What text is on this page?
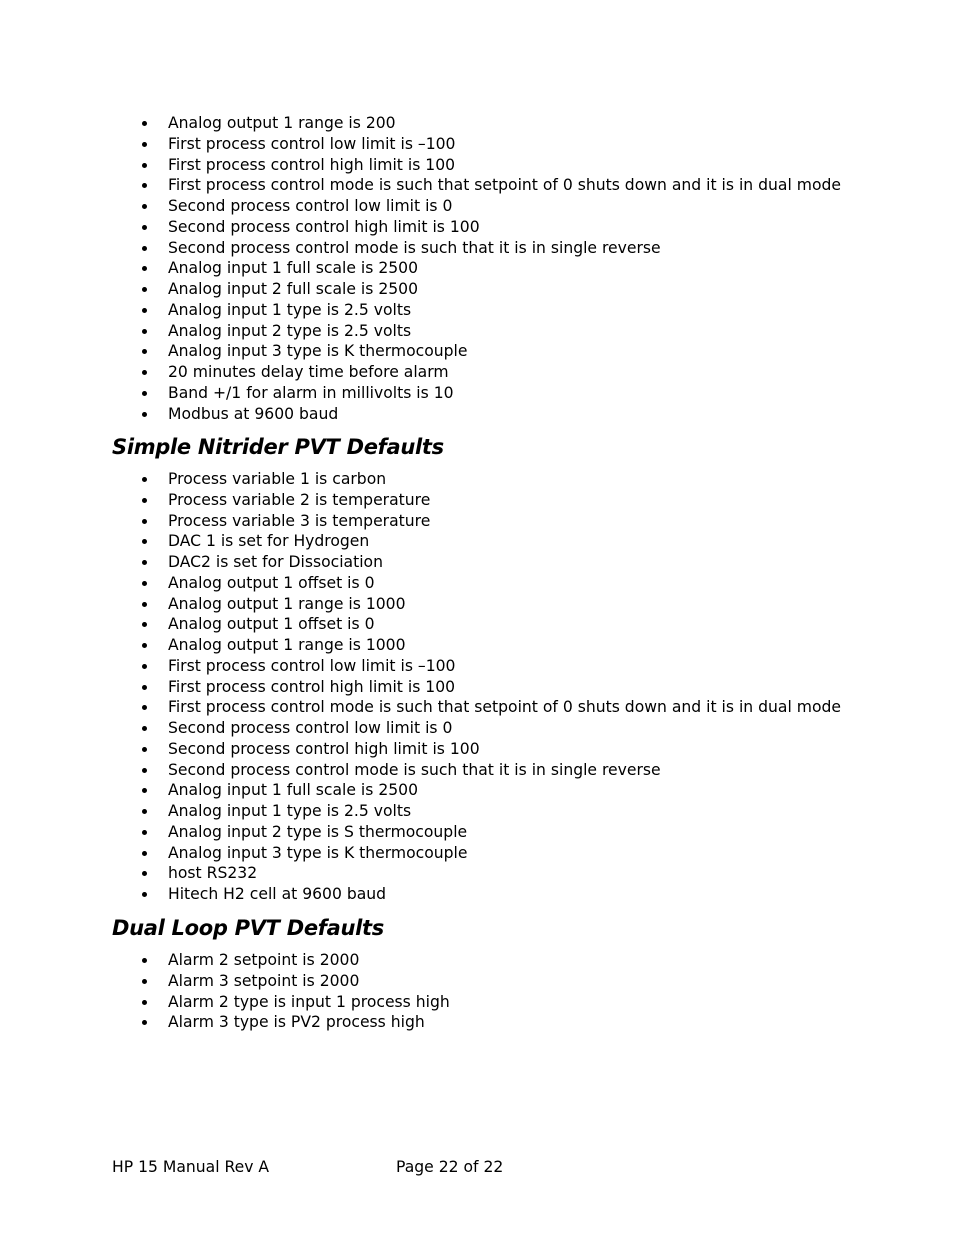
Analog output 1 range is 200
First process control low limit is –100
First process control high limit is 100
First process control mode is such that setpoint of 0 shuts down and it is in dual mode
Second process control low limit is 0
Second process control high limit is 100
Second process control mode is such that it is in single reverse
Analog input 1 full scale is 2500
Analog input 2 full scale is 2500
Analog input 1 type is 2.5 volts
Analog input 2 type is 2.5 volts
Analog input 3 type is K thermocouple
20 minutes delay time before alarm
Band +/1 for alarm in millivolts is 10
Modbus at 9600 baud
Simple Nitrider PVT Defaults
Process variable 1 is carbon
Process variable 2 is temperature
Process variable 3 is temperature
DAC 1 is set for Hydrogen
DAC2 is set for Dissociation
Analog output 1 offset is 0
Analog output 1 range is 1000
Analog output 1 offset is 0
Analog output 1 range is 1000
First process control low limit is –100
First process control high limit is 100
First process control mode is such that setpoint of 0 shuts down and it is in dual mode
Second process control low limit is 0
Second process control high limit is 100
Second process control mode is such that it is in single reverse
Analog input 1 full scale is 2500
Analog input 1 type is 2.5 volts
Analog input 2 type is S thermocouple
Analog input 3 type is K thermocouple
host RS232
Hitech H2 cell at 9600 baud
Dual Loop PVT Defaults
Alarm 2 setpoint is 2000
Alarm 3 setpoint is 2000
Alarm 2 type is input 1 process high
Alarm 3 type is PV2 process high
HP 15 Manual Rev A	Page 22 of 22
